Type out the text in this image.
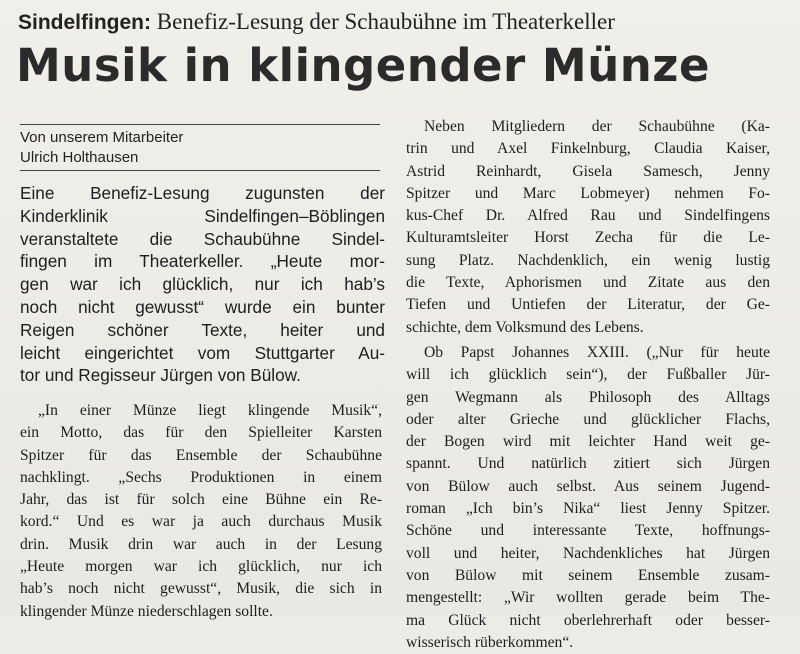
Sindelfingen: Benefiz-Lesung der Schaubühne im Theaterkeller
Musik in klingender Münze
Von unserem Mitarbeiter
Ulrich Holthausen
Eine Benefiz-Lesung zugunsten der
Kinderklinik Sindelfingen–Böblingen
veranstaltete die Schaubühne Sindel-
fingen im Theaterkeller. „Heute mor-
gen war ich glücklich, nur ich hab’s
noch nicht gewusst“ wurde ein bunter
Reigen schöner Texte, heiter und
leicht eingerichtet vom Stuttgarter Au-
tor und Regisseur Jürgen von Bülow.
„In einer Münze liegt klingende Musik“,
ein Motto, das für den Spielleiter Karsten
Spitzer für das Ensemble der Schaubühne
nachklingt. „Sechs Produktionen in einem
Jahr, das ist für solch eine Bühne ein Re-
kord.“ Und es war ja auch durchaus Musik
drin. Musik drin war auch in der Lesung
„Heute morgen war ich glücklich, nur ich
hab’s noch nicht gewusst“, Musik, die sich in
klingender Münze niederschlagen sollte.
Neben Mitgliedern der Schaubühne (Ka-
trin und Axel Finkelnburg, Claudia Kaiser,
Astrid Reinhardt, Gisela Samesch, Jenny
Spitzer und Marc Lobmeyer) nehmen Fo-
kus-Chef Dr. Alfred Rau und Sindelfingens
Kulturamtsleiter Horst Zecha für die Le-
sung Platz. Nachdenklich, ein wenig lustig
die Texte, Aphorismen und Zitate aus den
Tiefen und Untiefen der Literatur, der Ge-
schichte, dem Volksmund des Lebens.
Ob Papst Johannes XXIII. („Nur für heute
will ich glücklich sein“), der Fußballer Jür-
gen Wegmann als Philosoph des Alltags
oder alter Grieche und glücklicher Flachs,
der Bogen wird mit leichter Hand weit ge-
spannt. Und natürlich zitiert sich Jürgen
von Bülow auch selbst. Aus seinem Jugend-
roman „Ich bin’s Nika“ liest Jenny Spitzer.
Schöne und interessante Texte, hoffnungs-
voll und heiter, Nachdenkliches hat Jürgen
von Bülow mit seinem Ensemble zusam-
mengestellt: „Wir wollten gerade beim The-
ma Glück nicht oberlehrerhaft oder besser-
wisserisch rüberkommen“.
